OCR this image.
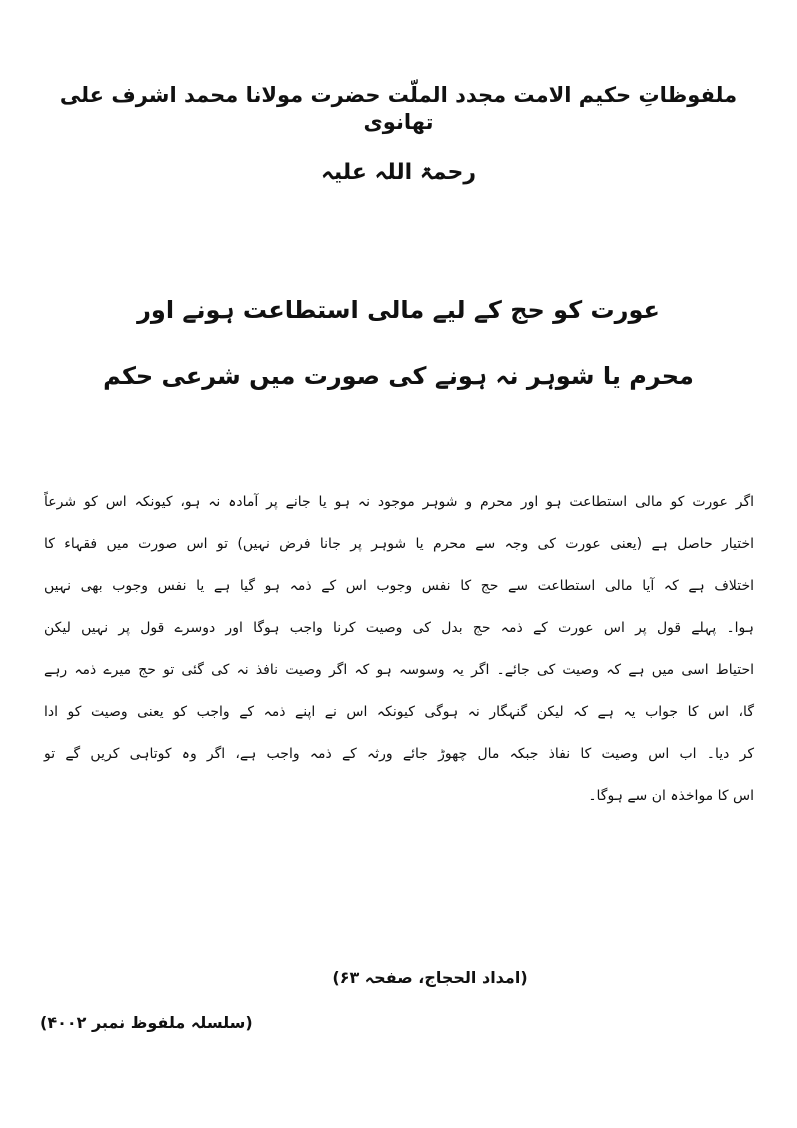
ملفوظاتِ حکیم الامت مجدد الملّت حضرت مولانا محمد اشرف علی تھانوی
رحمۃ اللہ علیہ
عورت کو حج کے لیے مالی استطاعت ہونے اور
محرم یا شوہر نہ ہونے کی صورت میں شرعی حکم
اگر عورت کو مالی استطاعت ہو اور محرم و شوہر موجود نہ ہو یا جانے پر آمادہ نہ ہو، کیونکہ اس کو شرعاً
اختیار حاصل ہے (یعنی عورت کی وجہ سے محرم یا شوہر پر جانا فرض نہیں) تو اس صورت میں فقہاء کا
اختلاف ہے کہ آیا مالی استطاعت سے حج کا نفس وجوب اس کے ذمہ ہو گیا ہے یا نفس وجوب بھی نہیں
ہوا۔ پہلے قول پر اس عورت کے ذمہ حج بدل کی وصیت کرنا واجب ہوگا اور دوسرے قول پر نہیں لیکن
احتیاط اسی میں ہے کہ وصیت کی جائے۔ اگر یہ وسوسہ ہو کہ اگر وصیت نافذ نہ کی گئی تو حج میرے ذمہ رہے
گا، اس کا جواب یہ ہے کہ لیکن گنہگار نہ ہوگی کیونکہ اس نے اپنے ذمہ کے واجب کو یعنی وصیت کو ادا
کر دیا۔ اب اس وصیت کا نفاذ جبکہ مال چھوڑ جائے ورثہ کے ذمہ واجب ہے، اگر وہ کوتاہی کریں گے تو
اس کا مواخذہ ان سے ہوگا۔
(امداد الحجاج، صفحہ ۶۳)
(سلسلہ ملفوظ نمبر ۴۰۰۲)
